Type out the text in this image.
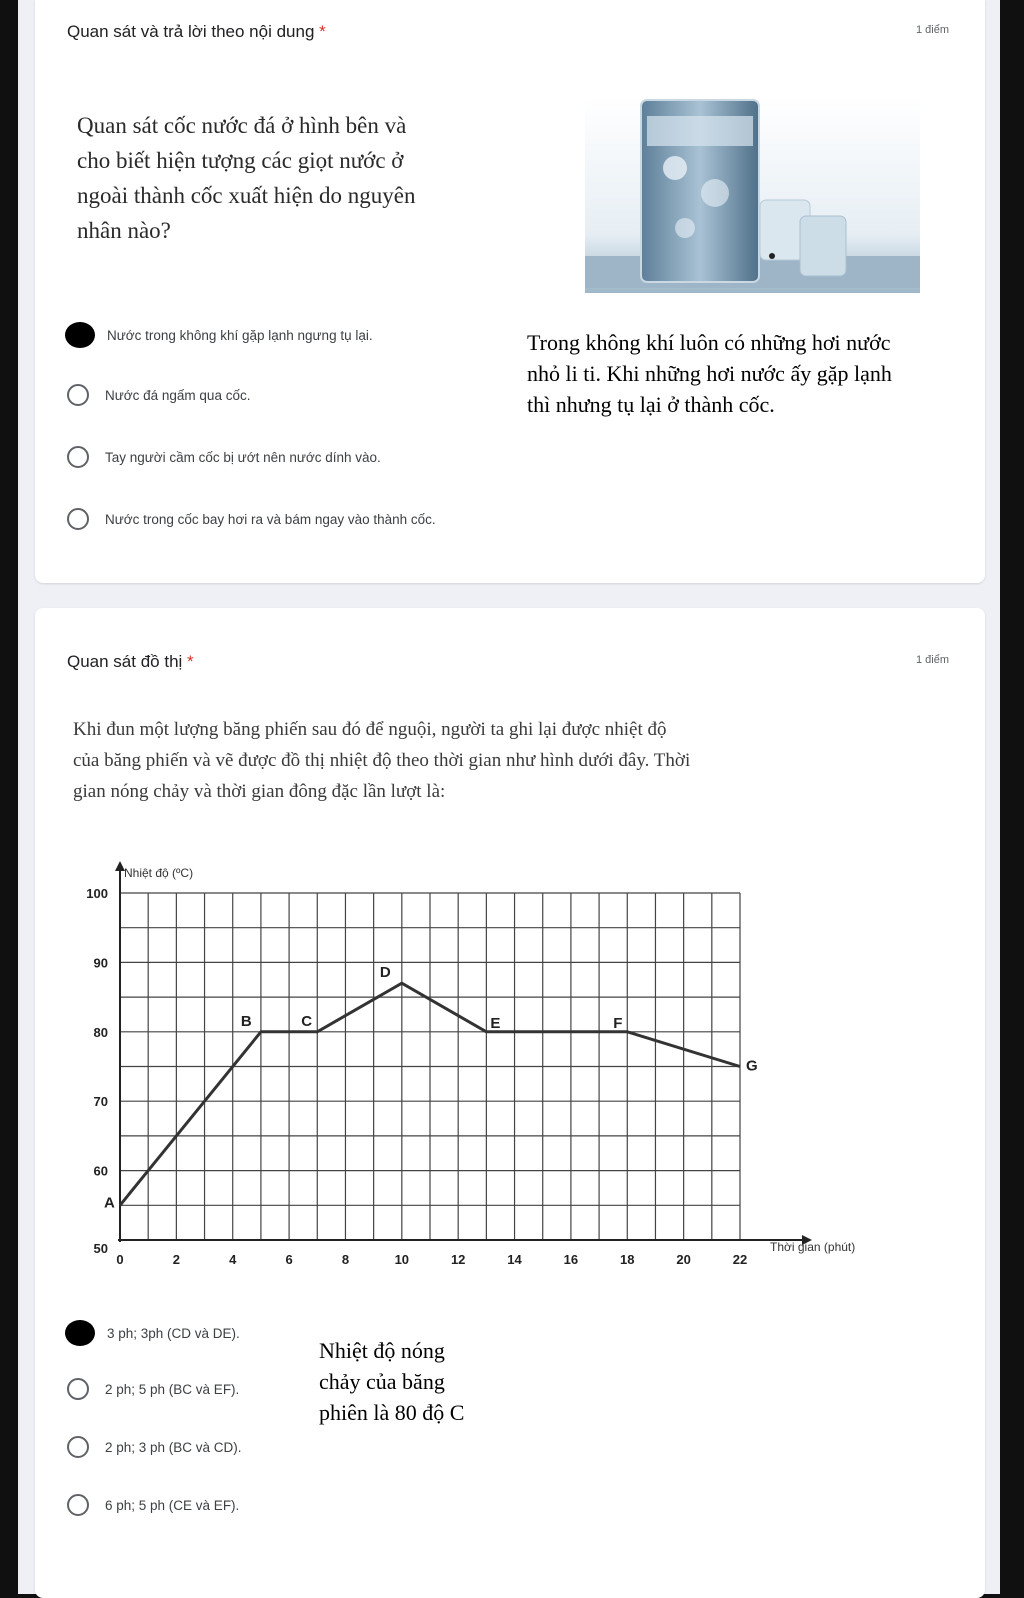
Quan sát và trả lời theo nội dung *	1 điểm
Quan sát cốc nước đá ở hình bên và
cho biết hiện tượng các giọt nước ở
ngoài thành cốc xuất hiện do nguyên
nhân nào?
Nước trong không khí gặp lạnh ngưng tụ lại.
Nước đá ngấm qua cốc.
Tay người cầm cốc bị ướt nên nước dính vào.
Nước trong cốc bay hơi ra và bám ngay vào thành cốc.
Trong không khí luôn có những hơi nước
nhỏ li ti. Khi những hơi nước ấy gặp lạnh
thì nhưng tụ lại ở thành cốc.
Quan sát đồ thị *	1 điểm
Khi đun một lượng băng phiến sau đó để nguội, người ta ghi lại được nhiệt độ
của băng phiến và vẽ được đồ thị nhiệt độ theo thời gian như hình dưới đây. Thời
gian nóng chảy và thời gian đông đặc lần lượt là:
3 ph; 3ph (CD và DE).
2 ph; 5 ph (BC và EF).
2 ph; 3 ph (BC và CD).
6 ph; 5 ph (CE và EF).
0	2	4	6	8	10	12	14	16	18	20	22
50
60
70
80
90
100
A
B	C
D
E	F
G
Nhiệt độ (ºC)
Thời gian (phút)
Nhiệt độ nóng
chảy của băng
phiên là 80 độ C
